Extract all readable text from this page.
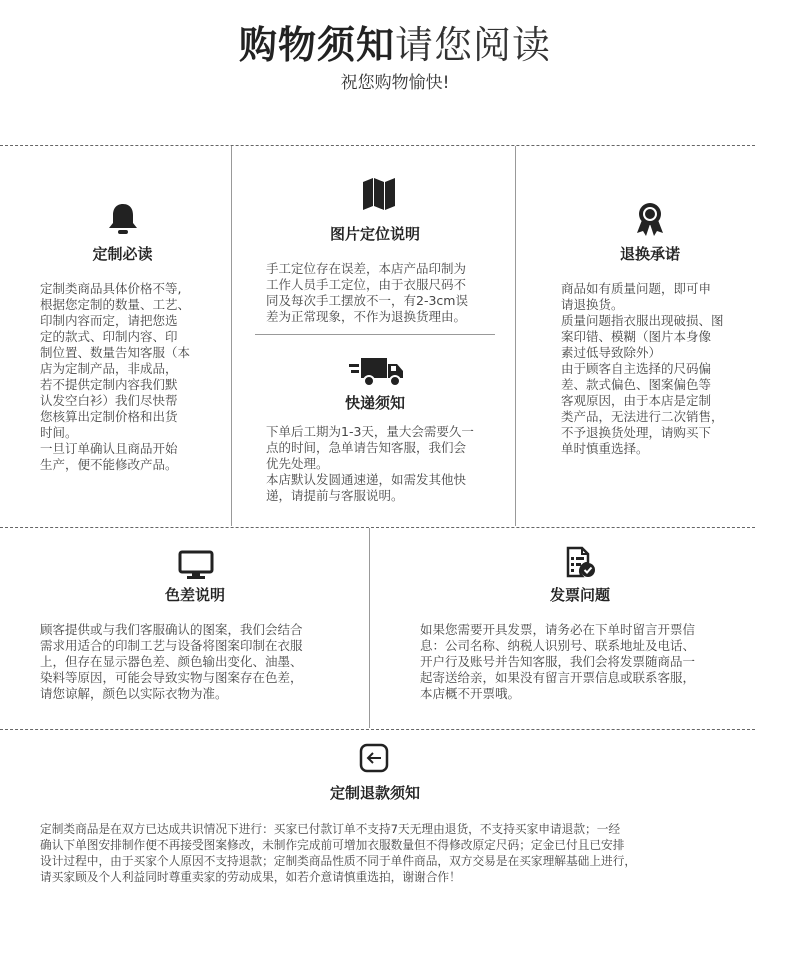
购物须知请您阅读
祝您购物愉快!
定制必读

定制类商品具体价格不等,

根据您定制的数量、工艺、

印制内容而定，请把您选

定的款式、印制内容、印

制位置、数量告知客服（本

店为定制产品，非成品，

若不提供定制内容我们默

认发空白衫）我们尽快帮

您核算出定制价格和出货

时间。

一旦订单确认且商品开始

生产，便不能修改产品。

图片定位说明

手工定位存在误差，本店产品印制为

工作人员手工定位，由于衣服尺码不

同及每次手工摆放不一，有2-3cm误

差为正常现象，不作为退换货理由。

快递须知

下单后工期为1-3天，量大会需要久一

点的时间，急单请告知客服，我们会

优先处理。

本店默认发圆通速递，如需发其他快

递，请提前与客服说明。

退换承诺

商品如有质量问题，即可申

请退换货。

质量问题指衣服出现破损、图

案印错、模糊（图片本身像

素过低导致除外）

由于顾客自主选择的尺码偏

差、款式偏色、图案偏色等

客观原因，由于本店是定制

类产品，无法进行二次销售，

不予退换货处理，请购买下

单时慎重选择。

色差说明

顾客提供或与我们客服确认的图案，我们会结合

需求用适合的印制工艺与设备将图案印制在衣服

上，但存在显示器色差、颜色输出变化、油墨、

染料等原因，可能会导致实物与图案存在色差，

请您谅解，颜色以实际衣物为准。

发票问题

如果您需要开具发票，请务必在下单时留言开票信

息：公司名称、纳税人识别号、联系地址及电话、

开户行及账号并告知客服，我们会将发票随商品一

起寄送给亲，如果没有留言开票信息或联系客服，

本店概不开票哦。

定制退款须知

定制类商品是在双方已达成共识情况下进行：买家已付款订单不支持7天无理由退货，不支持买家申请退款；一经

确认下单图安排制作便不再接受图案修改，未制作完成前可增加衣服数量但不得修改原定尺码；定金已付且已安排

设计过程中，由于买家个人原因不支持退款；定制类商品性质不同于单件商品，双方交易是在买家理解基础上进行，

请买家顾及个人利益同时尊重卖家的劳动成果，如若介意请慎重选拍，谢谢合作！
